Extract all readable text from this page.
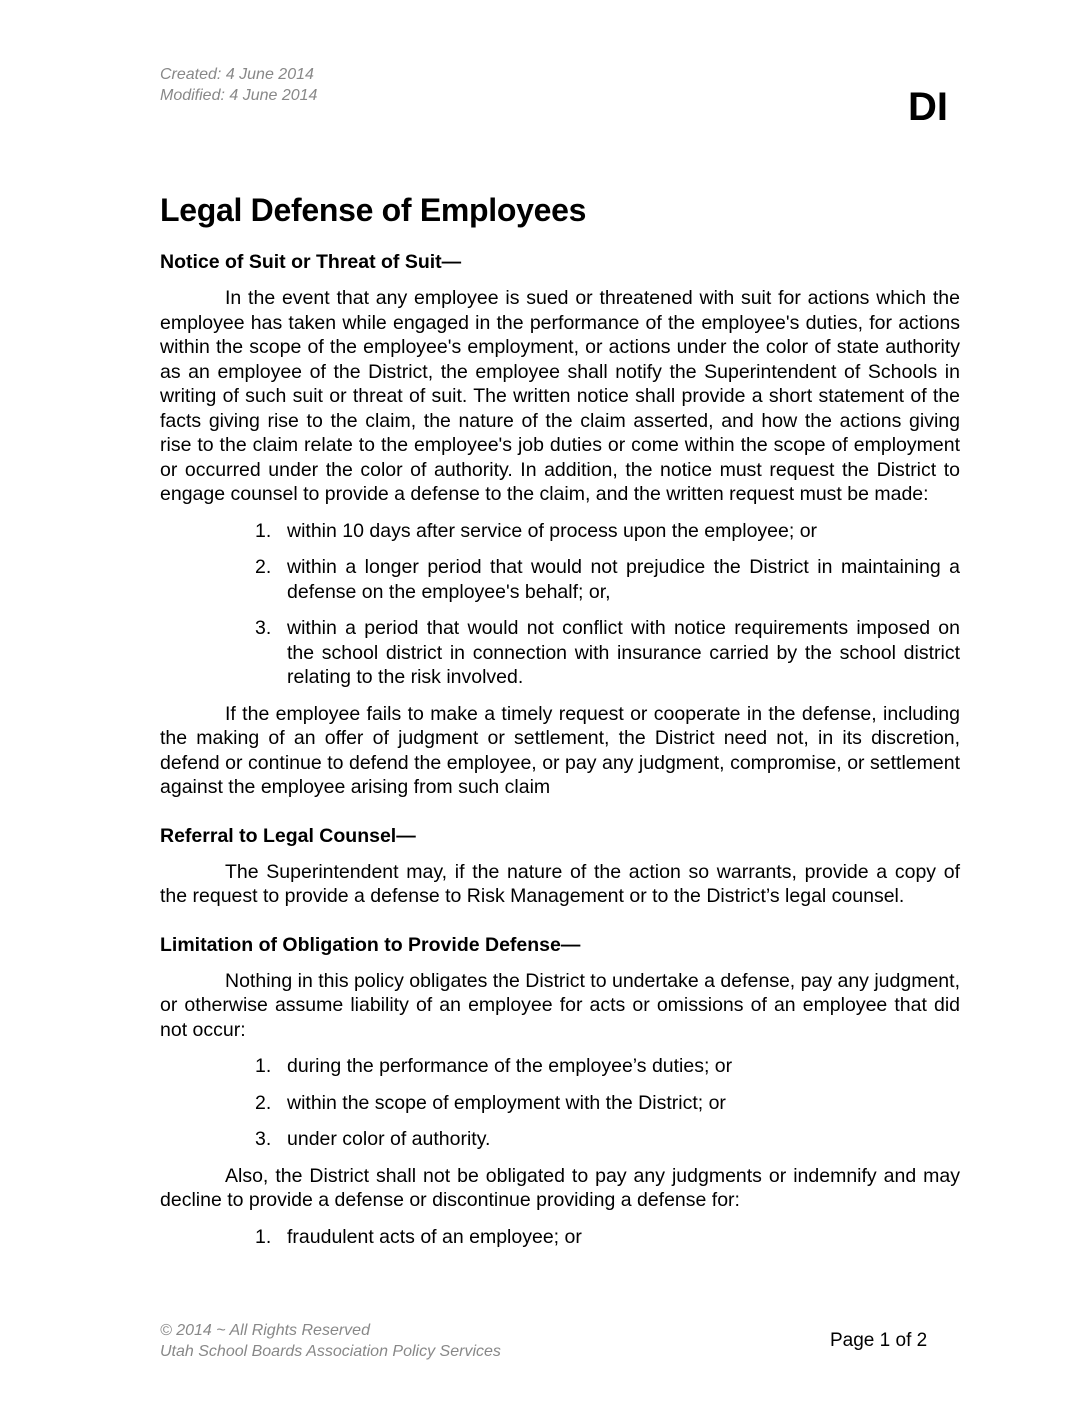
Created: 4 June 2014
Modified: 4 June 2014	DI
Legal Defense of Employees
Notice of Suit or Threat of Suit—

In the event that any employee is sued or threatened with suit for actions which the employee has taken while engaged in the performance of the employee's duties, for actions within the scope of the employee's employment, or actions under the color of state authority as an employee of the District, the employee shall notify the Superintendent of Schools in writing of such suit or threat of suit. The written notice shall provide a short statement of the facts giving rise to the claim, the nature of the claim asserted, and how the actions giving rise to the claim relate to the employee's job duties or come within the scope of employment or occurred under the color of authority. In addition, the notice must request the District to engage counsel to provide a defense to the claim, and the written request must be made:

1. within 10 days after service of process upon the employee; or
2. within a longer period that would not prejudice the District in maintaining a defense on the employee's behalf; or,
3. within a period that would not conflict with notice requirements imposed on the school district in connection with insurance carried by the school district relating to the risk involved.

If the employee fails to make a timely request or cooperate in the defense, including the making of an offer of judgment or settlement, the District need not, in its discretion, defend or continue to defend the employee, or pay any judgment, compromise, or settlement against the employee arising from such claim

Referral to Legal Counsel—

The Superintendent may, if the nature of the action so warrants, provide a copy of the request to provide a defense to Risk Management or to the District’s legal counsel.

Limitation of Obligation to Provide Defense—

Nothing in this policy obligates the District to undertake a defense, pay any judgment, or otherwise assume liability of an employee for acts or omissions of an employee that did not occur:

1. during the performance of the employee’s duties; or
2. within the scope of employment with the District; or
3. under color of authority.

Also, the District shall not be obligated to pay any judgments or indemnify and may decline to provide a defense or discontinue providing a defense for:

1. fraudulent acts of an employee; or
© 2014 ~ All Rights Reserved
Utah School Boards Association Policy Services
Page 1 of 2
